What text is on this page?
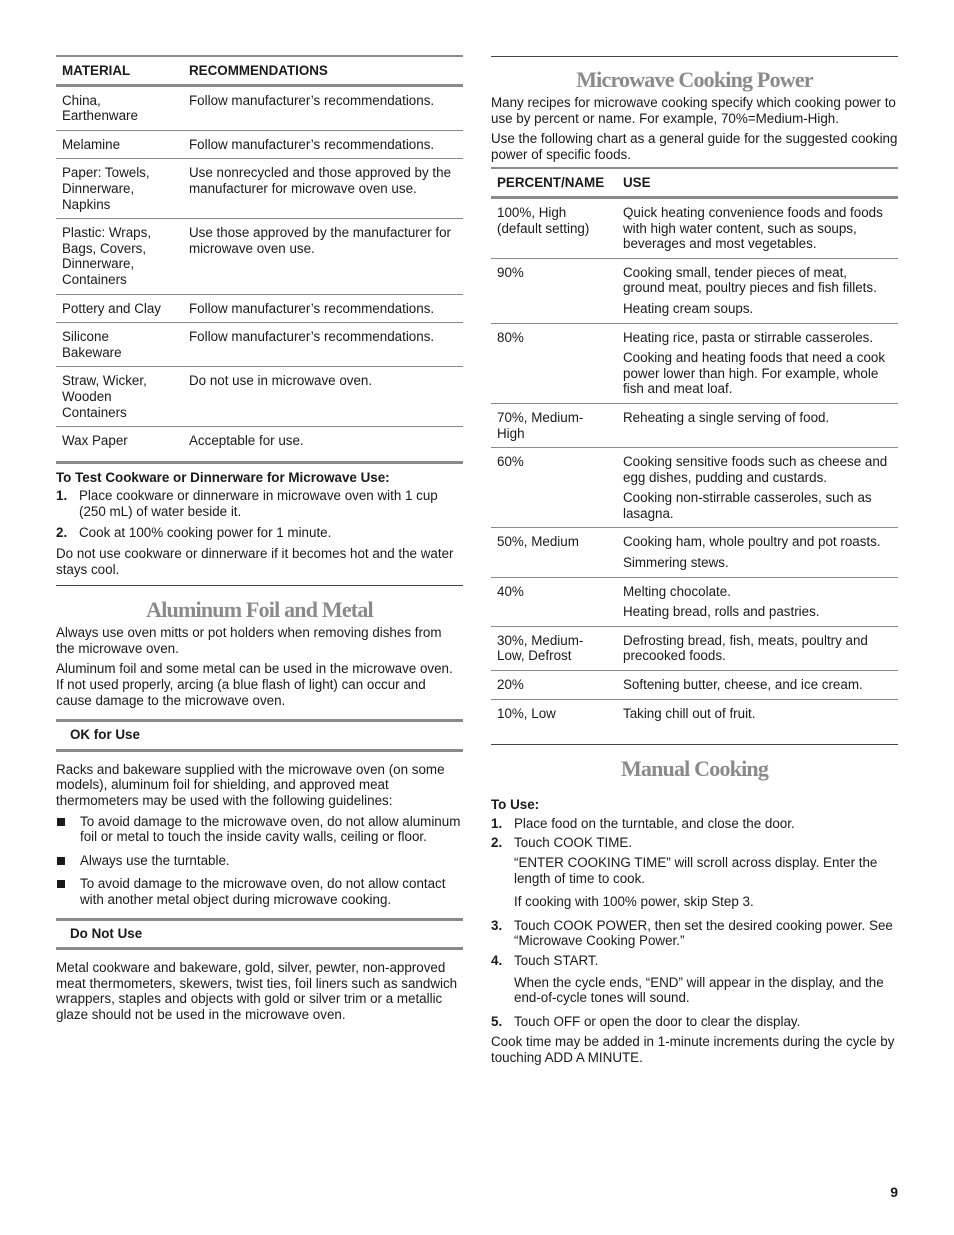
MATERIAL	RECOMMENDATIONS
China, Earthenware	Follow manufacturer’s recommendations.
Melamine	Follow manufacturer’s recommendations.
Paper: Towels, Dinnerware, Napkins	Use nonrecycled and those approved by the manufacturer for microwave oven use.
Plastic: Wraps, Bags, Covers, Dinnerware, Containers	Use those approved by the manufacturer for microwave oven use.
Pottery and Clay	Follow manufacturer’s recommendations.
Silicone Bakeware	Follow manufacturer’s recommendations.
Straw, Wicker, Wooden Containers	Do not use in microwave oven.
Wax Paper	Acceptable for use.

To Test Cookware or Dinnerware for Microwave Use:

1. Place cookware or dinnerware in microwave oven with 1 cup (250 mL) of water beside it.

2. Cook at 100% cooking power for 1 minute.

Do not use cookware or dinnerware if it becomes hot and the water stays cool.

Aluminum Foil and Metal

Always use oven mitts or pot holders when removing dishes from the microwave oven.

Aluminum foil and some metal can be used in the microwave oven. If not used properly, arcing (a blue flash of light) can occur and cause damage to the microwave oven.

OK for Use

Racks and bakeware supplied with the microwave oven (on some models), aluminum foil for shielding, and approved meat thermometers may be used with the following guidelines:

To avoid damage to the microwave oven, do not allow aluminum foil or metal to touch the inside cavity walls, ceiling or floor.

Always use the turntable.

To avoid damage to the microwave oven, do not allow contact with another metal object during microwave cooking.

Do Not Use

Metal cookware and bakeware, gold, silver, pewter, non-approved meat thermometers, skewers, twist ties, foil liners such as sandwich wrappers, staples and objects with gold or silver trim or a metallic glaze should not be used in the microwave oven.

Microwave Cooking Power

Many recipes for microwave cooking specify which cooking power to use by percent or name. For example, 70%=Medium-High.

Use the following chart as a general guide for the suggested cooking power of specific foods.

PERCENT/NAME	USE
100%, High (default setting)	Quick heating convenience foods and foods with high water content, such as soups, beverages and most vegetables.

90%	Cooking small, tender pieces of meat, ground meat, poultry pieces and fish fillets.

Heating cream soups.

80%	Heating rice, pasta or stirrable casseroles.

Cooking and heating foods that need a cook power lower than high. For example, whole fish and meat loaf.

70%, Medium-High	Reheating a single serving of food.

60%	Cooking sensitive foods such as cheese and egg dishes, pudding and custards.

Cooking non-stirrable casseroles, such as lasagna.

50%, Medium	Cooking ham, whole poultry and pot roasts.

Simmering stews.

40%	Melting chocolate.

Heating bread, rolls and pastries.

30%, Medium-Low, Defrost	Defrosting bread, fish, meats, poultry and precooked foods.

20%	Softening butter, cheese, and ice cream.

10%, Low	Taking chill out of fruit.

Manual Cooking

To Use:

1. Place food on the turntable, and close the door.

2. Touch COOK TIME.

“ENTER COOKING TIME” will scroll across display. Enter the length of time to cook.

If cooking with 100% power, skip Step 3.

3. Touch COOK POWER, then set the desired cooking power. See “Microwave Cooking Power.”

4. Touch START.

When the cycle ends, “END” will appear in the display, and the end-of-cycle tones will sound.

5. Touch OFF or open the door to clear the display.

Cook time may be added in 1-minute increments during the cycle by touching ADD A MINUTE.

9
